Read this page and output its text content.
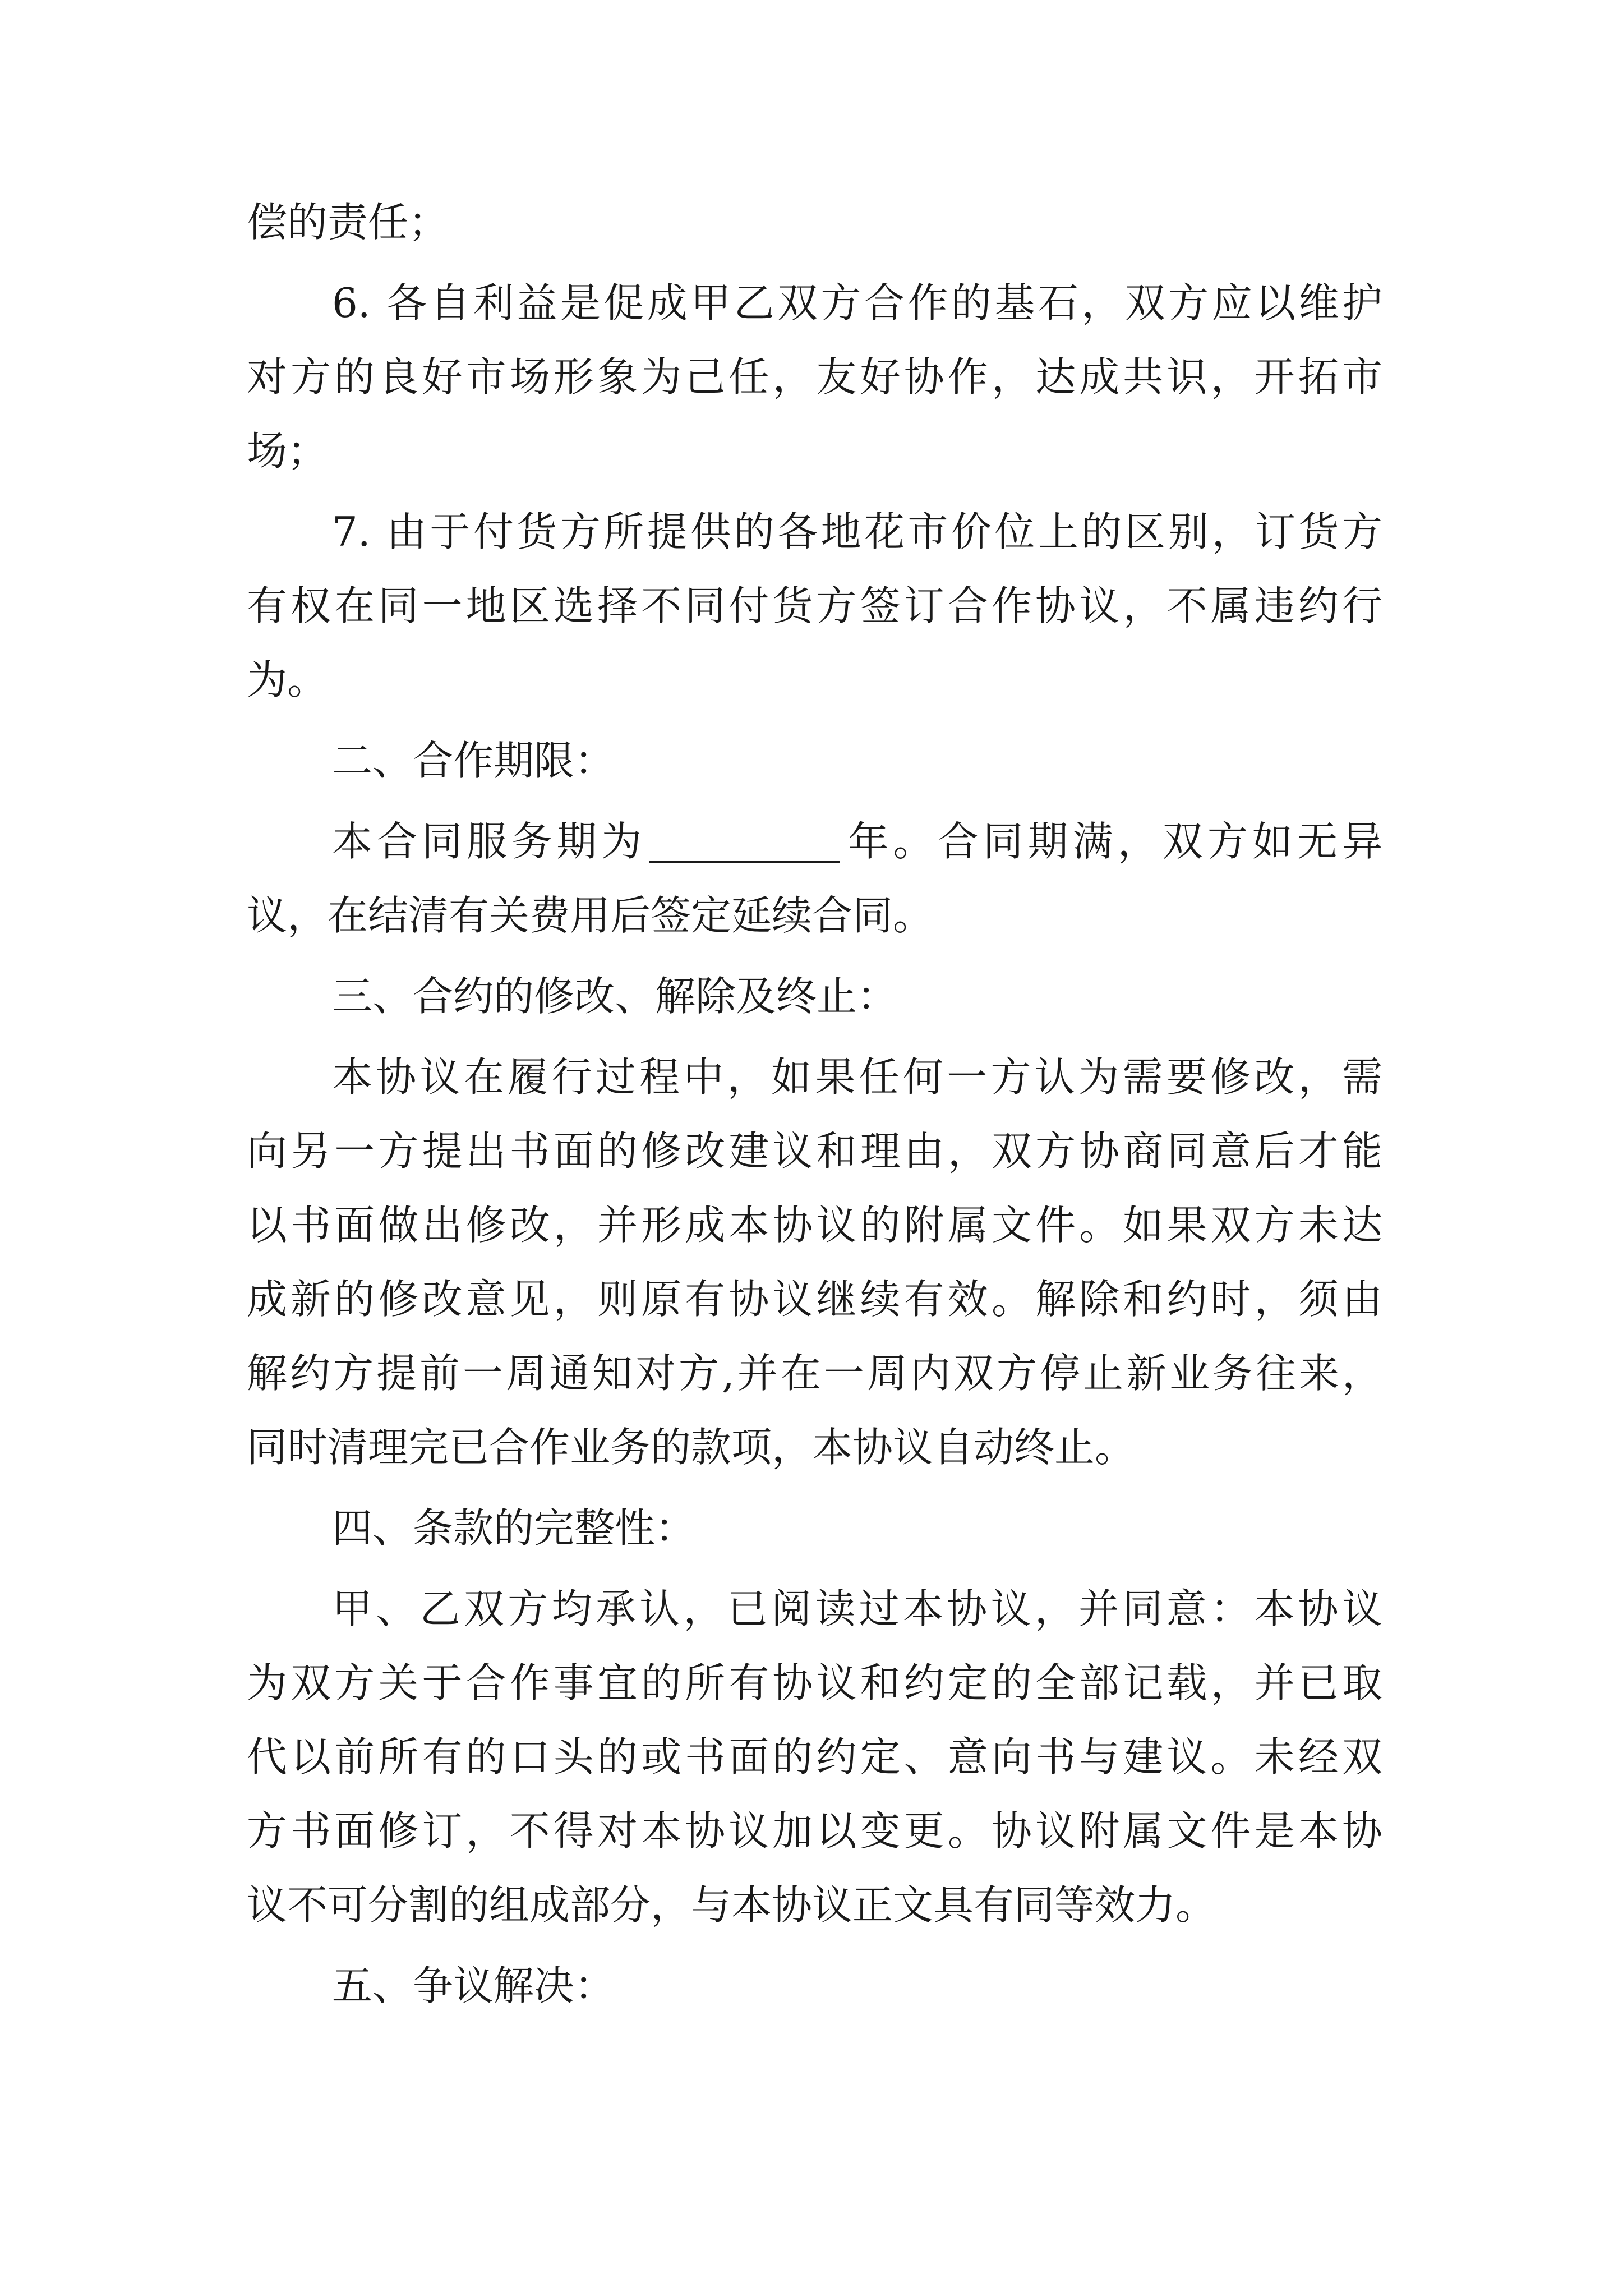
偿的责任；
6. 各自利益是促成甲乙双方合作的基石，双方应以维护
对方的良好市场形象为己任，友好协作，达成共识，开拓市
场；
7. 由于付货方所提供的各地花市价位上的区别，订货方
有权在同一地区选择不同付货方签订合作协议，不属违约行
为。
二、合作期限：
本合同服务期为	年。合同期满，双方如无异
议，在结清有关费用后签定延续合同。
三、合约的修改、解除及终止：
本协议在履行过程中，如果任何一方认为需要修改，需
向另一方提出书面的修改建议和理由，双方协商同意后才能
以书面做出修改，并形成本协议的附属文件。如果双方未达
成新的修改意见，则原有协议继续有效。解除和约时，须由
解约方提前一周通知对方,并在一周内双方停止新业务往来，
同时清理完已合作业务的款项，本协议自动终止。
四、条款的完整性：
甲、乙双方均承认，已阅读过本协议，并同意：本协议
为双方关于合作事宜的所有协议和约定的全部记载，并已取
代以前所有的口头的或书面的约定、意向书与建议。未经双
方书面修订，不得对本协议加以变更。协议附属文件是本协
议不可分割的组成部分，与本协议正文具有同等效力。
五、争议解决：
